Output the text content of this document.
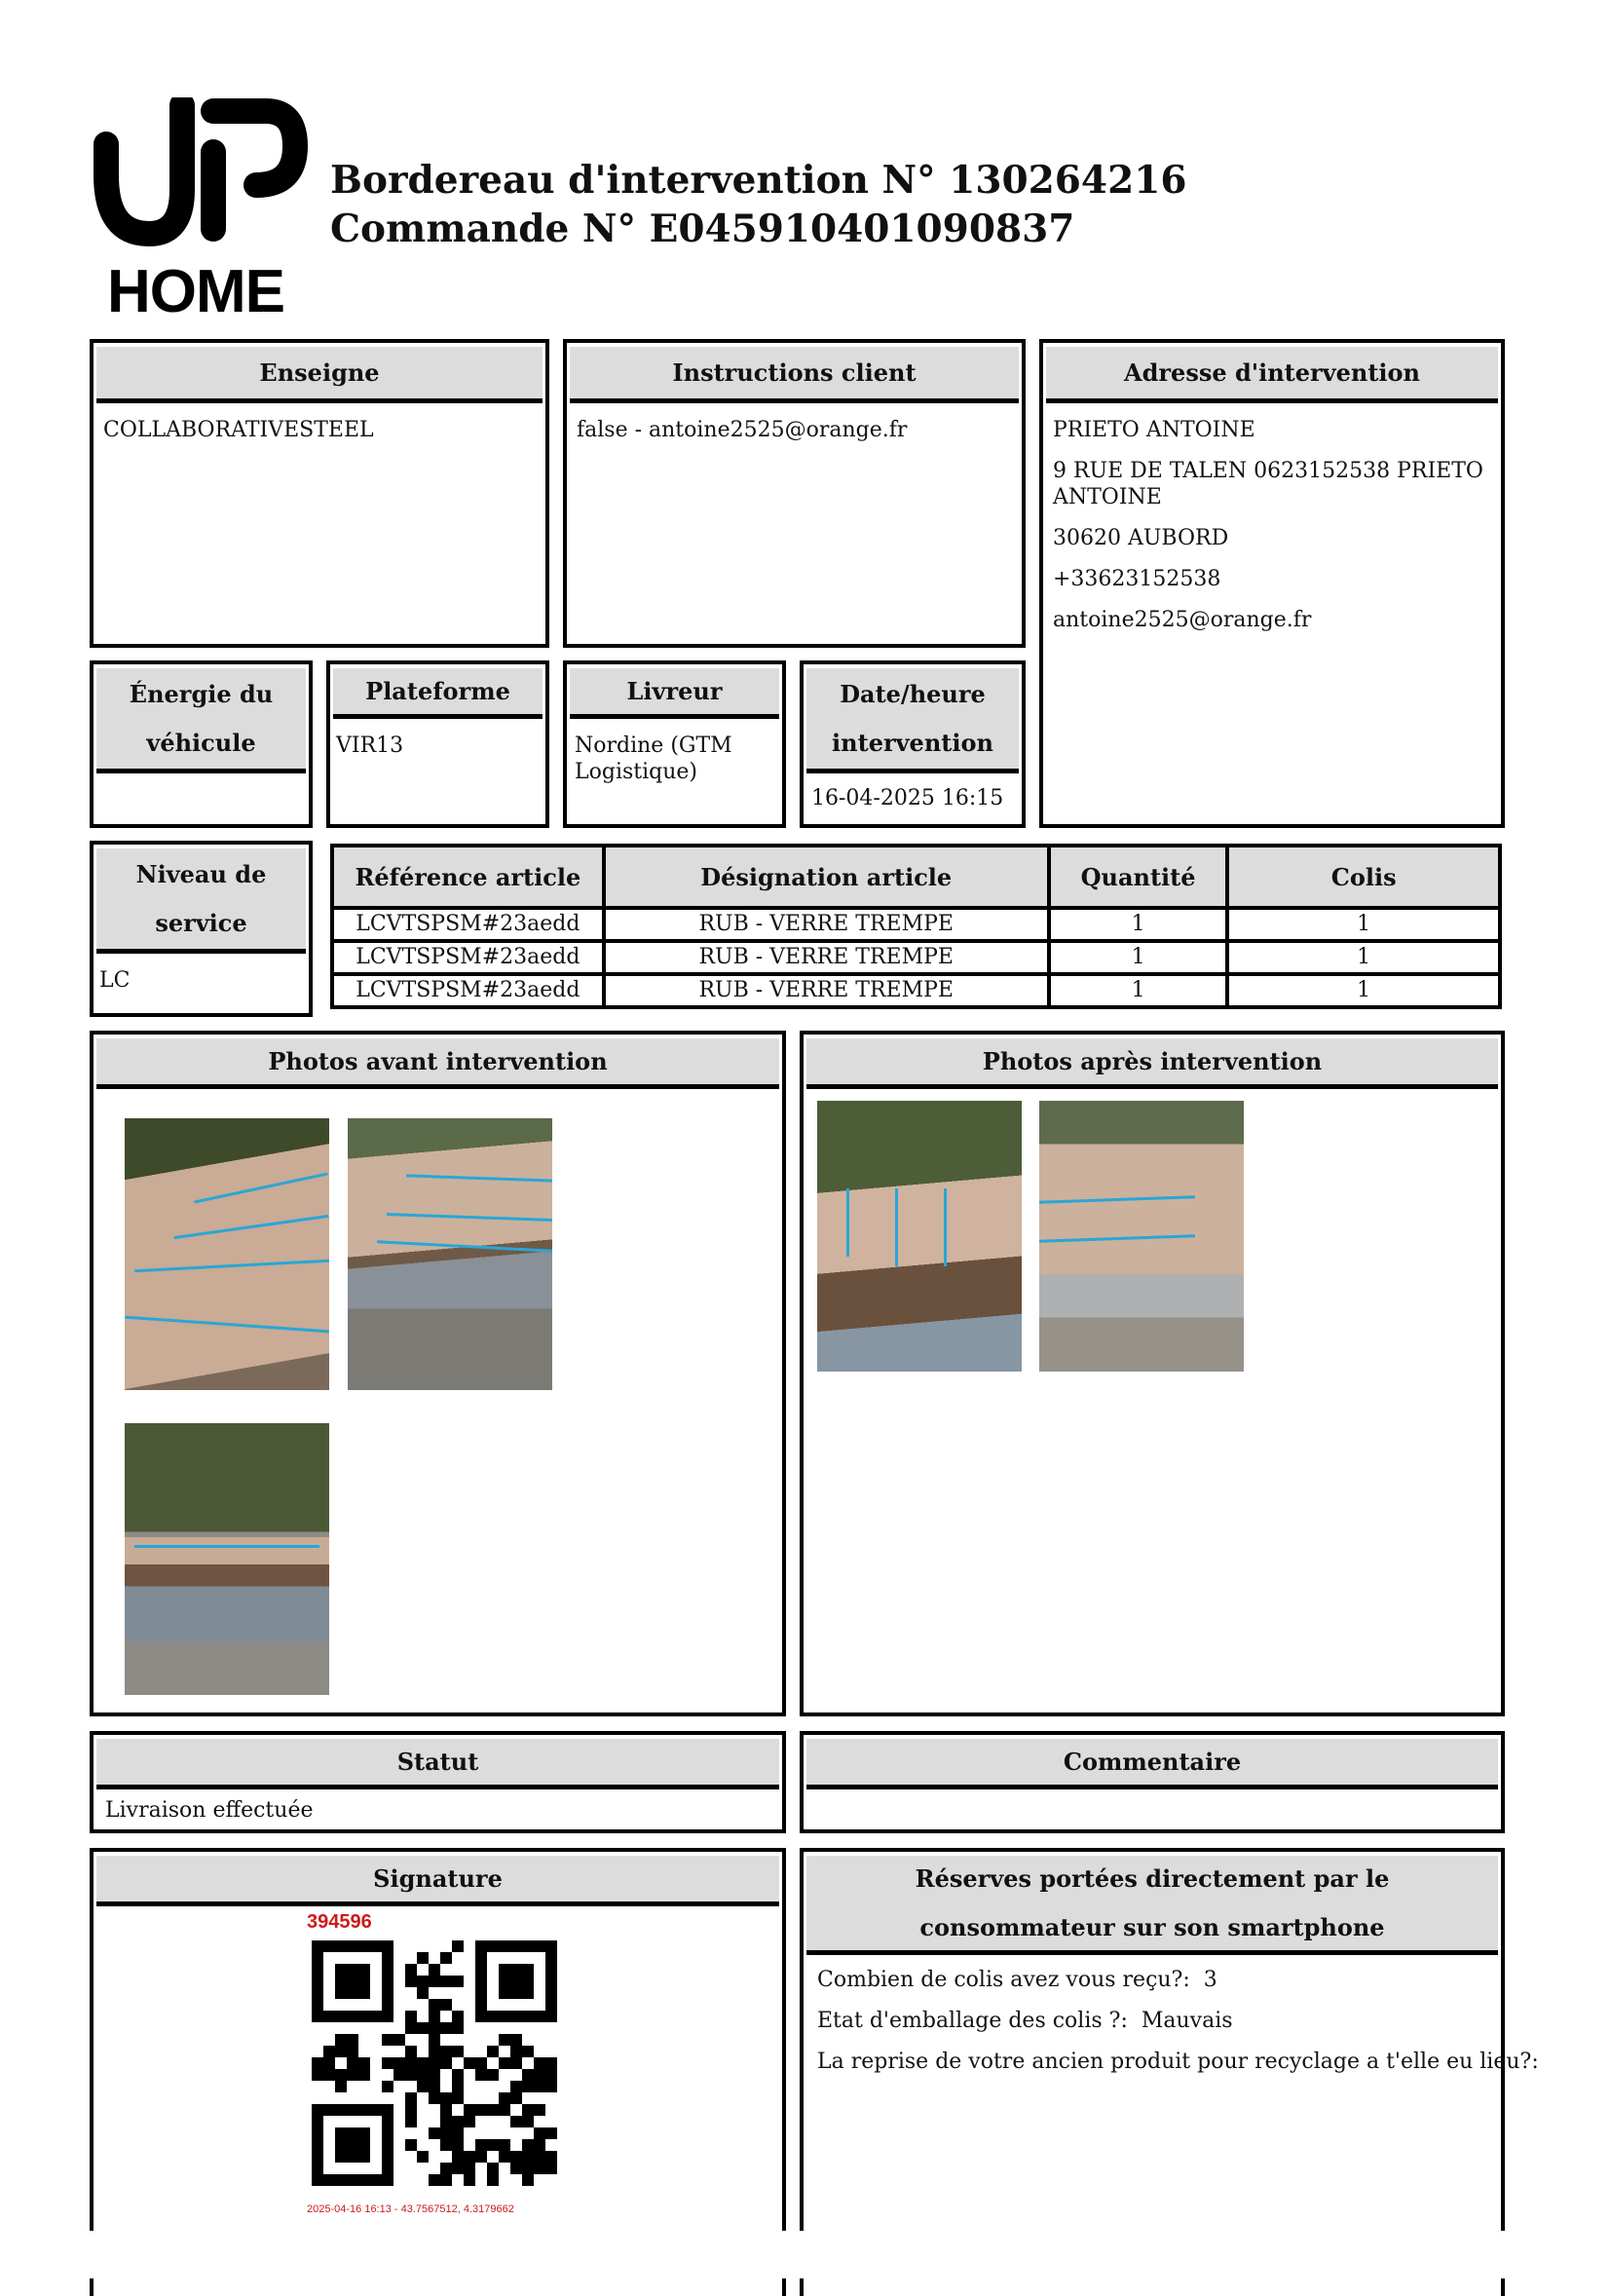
HOME
Bordereau d'intervention N° 130264216
Commande N° E045910401090837
Enseigne
COLLABORATIVESTEEL
Instructions client
false - antoine2525@orange.fr
Adresse d'intervention

PRIETO ANTOINE

9 RUE DE TALEN 0623152538 PRIETO ANTOINE

30620 AUBORD

+33623152538

antoine2525@orange.fr

Énergie du
véhicule
Plateforme
VIR13
Livreur
Nordine (GTM Logistique)
Date/heure
intervention
16-04-2025 16:15
Niveau de
service
LC
Référence article	Désignation article	Quantité	Colis
LCVTSPSM#23aedd	RUB - VERRE TREMPE	1	1
LCVTSPSM#23aedd	RUB - VERRE TREMPE	1	1
LCVTSPSM#23aedd	RUB - VERRE TREMPE	1	1
Photos avant intervention	Photos après intervention
Statut
Livraison effectuée
Commentaire
Signature
394596
2025-04-16 16:13 - 43.7567512, 4.3179662
Réserves portées directement par le
consommateur sur son smartphone

Combien de colis avez vous reçu?: 3

Etat d'emballage des colis ?: Mauvais

La reprise de votre ancien produit pour recyclage a t'elle eu lieu?:
